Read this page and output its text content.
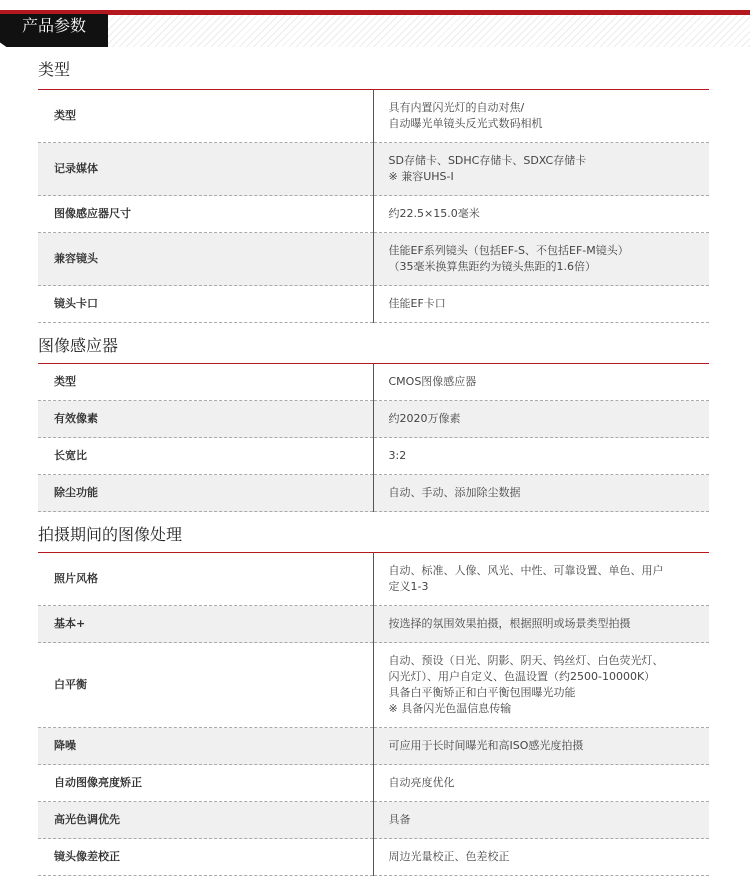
产品参数
类型
类型	具有内置闪光灯的自动对焦/
自动曝光单镜头反光式数码相机

记录媒体	SD存储卡、SDHC存储卡、SDXC存储卡
※ 兼容UHS-I

图像感应器尺寸	约22.5×15.0毫米

兼容镜头	佳能EF系列镜头（包括EF-S、不包括EF-M镜头）
（35毫米换算焦距约为镜头焦距的1.6倍）

镜头卡口	佳能EF卡口
图像感应器
类型	CMOS图像感应器

有效像素	约2020万像素

长宽比	3:2

除尘功能	自动、手动、添加除尘数据
拍摄期间的图像处理
照片风格	自动、标准、人像、风光、中性、可靠设置、单色、用户
定义1-3

基本+	按选择的氛围效果拍摄，根据照明或场景类型拍摄

白平衡	自动、预设（日光、阴影、阴天、钨丝灯、白色荧光灯、
闪光灯）、用户自定义、色温设置（约2500-10000K）
具备白平衡矫正和白平衡包围曝光功能
※ 具备闪光色温信息传输

降噪	可应用于长时间曝光和高ISO感光度拍摄

自动图像亮度矫正	自动亮度优化

高光色调优先	具备

镜头像差校正	周边光量校正、色差校正
